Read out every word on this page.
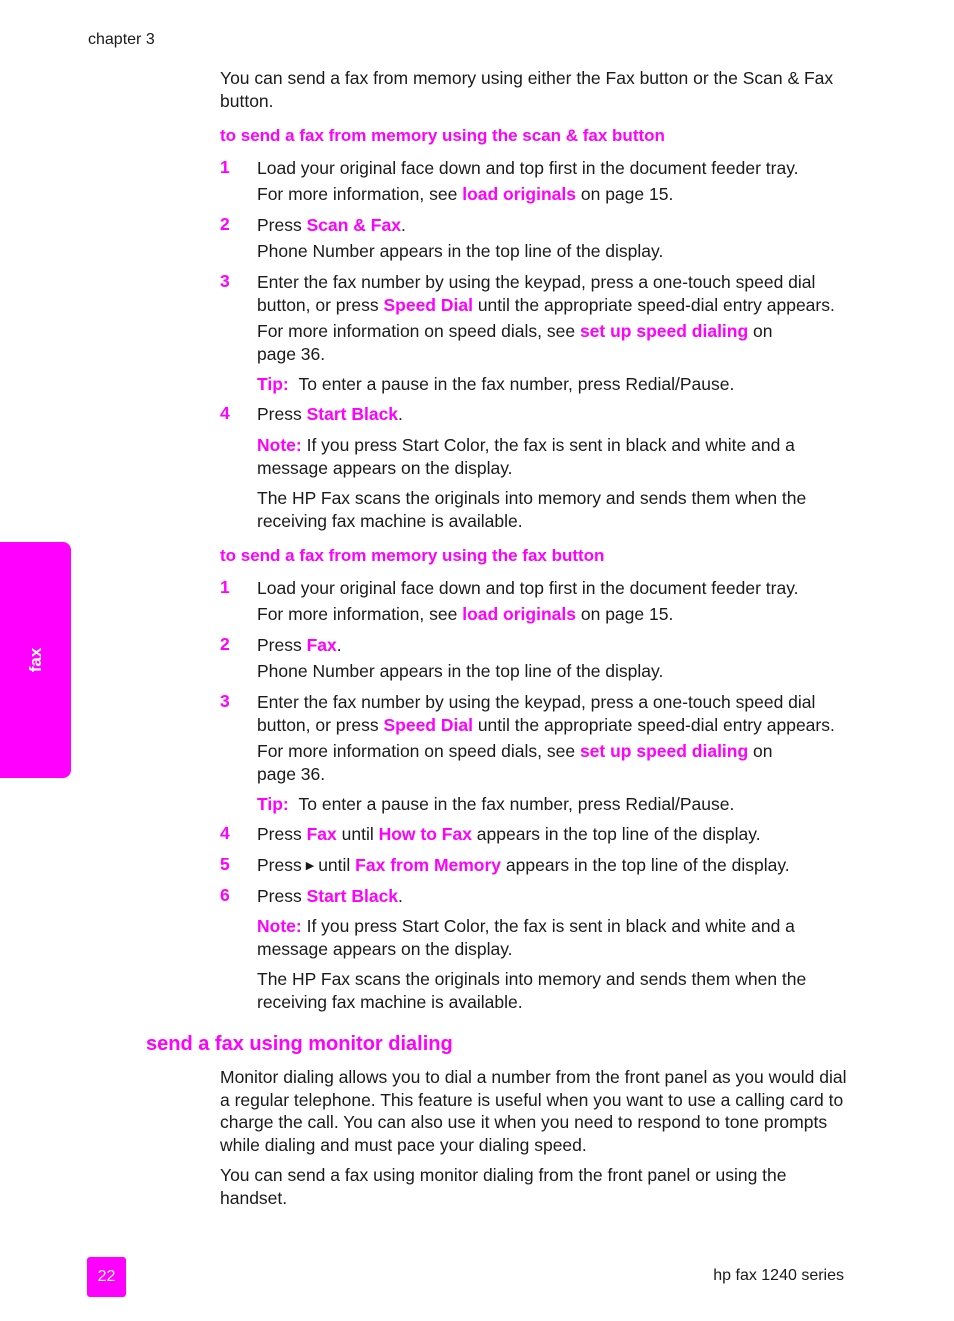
chapter 3

You can send a fax from memory using either the Fax button or the Scan & Fax button.

to send a fax from memory using the scan & fax button
1 Load your original face down and top first in the document feeder tray.

For more information, see load originals on page 15.

2 Press Scan & Fax.

Phone Number appears in the top line of the display.

3 Enter the fax number by using the keypad, press a one-touch speed dial button, or press Speed Dial until the appropriate speed-dial entry appears.

For more information on speed dials, see set up speed dialing on page 36.

Tip: To enter a pause in the fax number, press Redial/Pause.

4 Press Start Black.

Note: If you press Start Color, the fax is sent in black and white and a message appears on the display.

The HP Fax scans the originals into memory and sends them when the receiving fax machine is available.

to send a fax from memory using the fax button
1 Load your original face down and top first in the document feeder tray.

For more information, see load originals on page 15.

2 Press Fax.

Phone Number appears in the top line of the display.

3 Enter the fax number by using the keypad, press a one-touch speed dial button, or press Speed Dial until the appropriate speed-dial entry appears.

For more information on speed dials, see set up speed dialing on page 36.

Tip: To enter a pause in the fax number, press Redial/Pause.

4 Press Fax until How to Fax appears in the top line of the display.

5 Press ▶ until Fax from Memory appears in the top line of the display.

6 Press Start Black.

Note: If you press Start Color, the fax is sent in black and white and a message appears on the display.

The HP Fax scans the originals into memory and sends them when the receiving fax machine is available.

send a fax using monitor dialing

Monitor dialing allows you to dial a number from the front panel as you would dial a regular telephone. This feature is useful when you want to use a calling card to charge the call. You can also use it when you need to respond to tone prompts while dialing and must pace your dialing speed.

You can send a fax using monitor dialing from the front panel or using the handset.

fax
22	hp fax 1240 series
